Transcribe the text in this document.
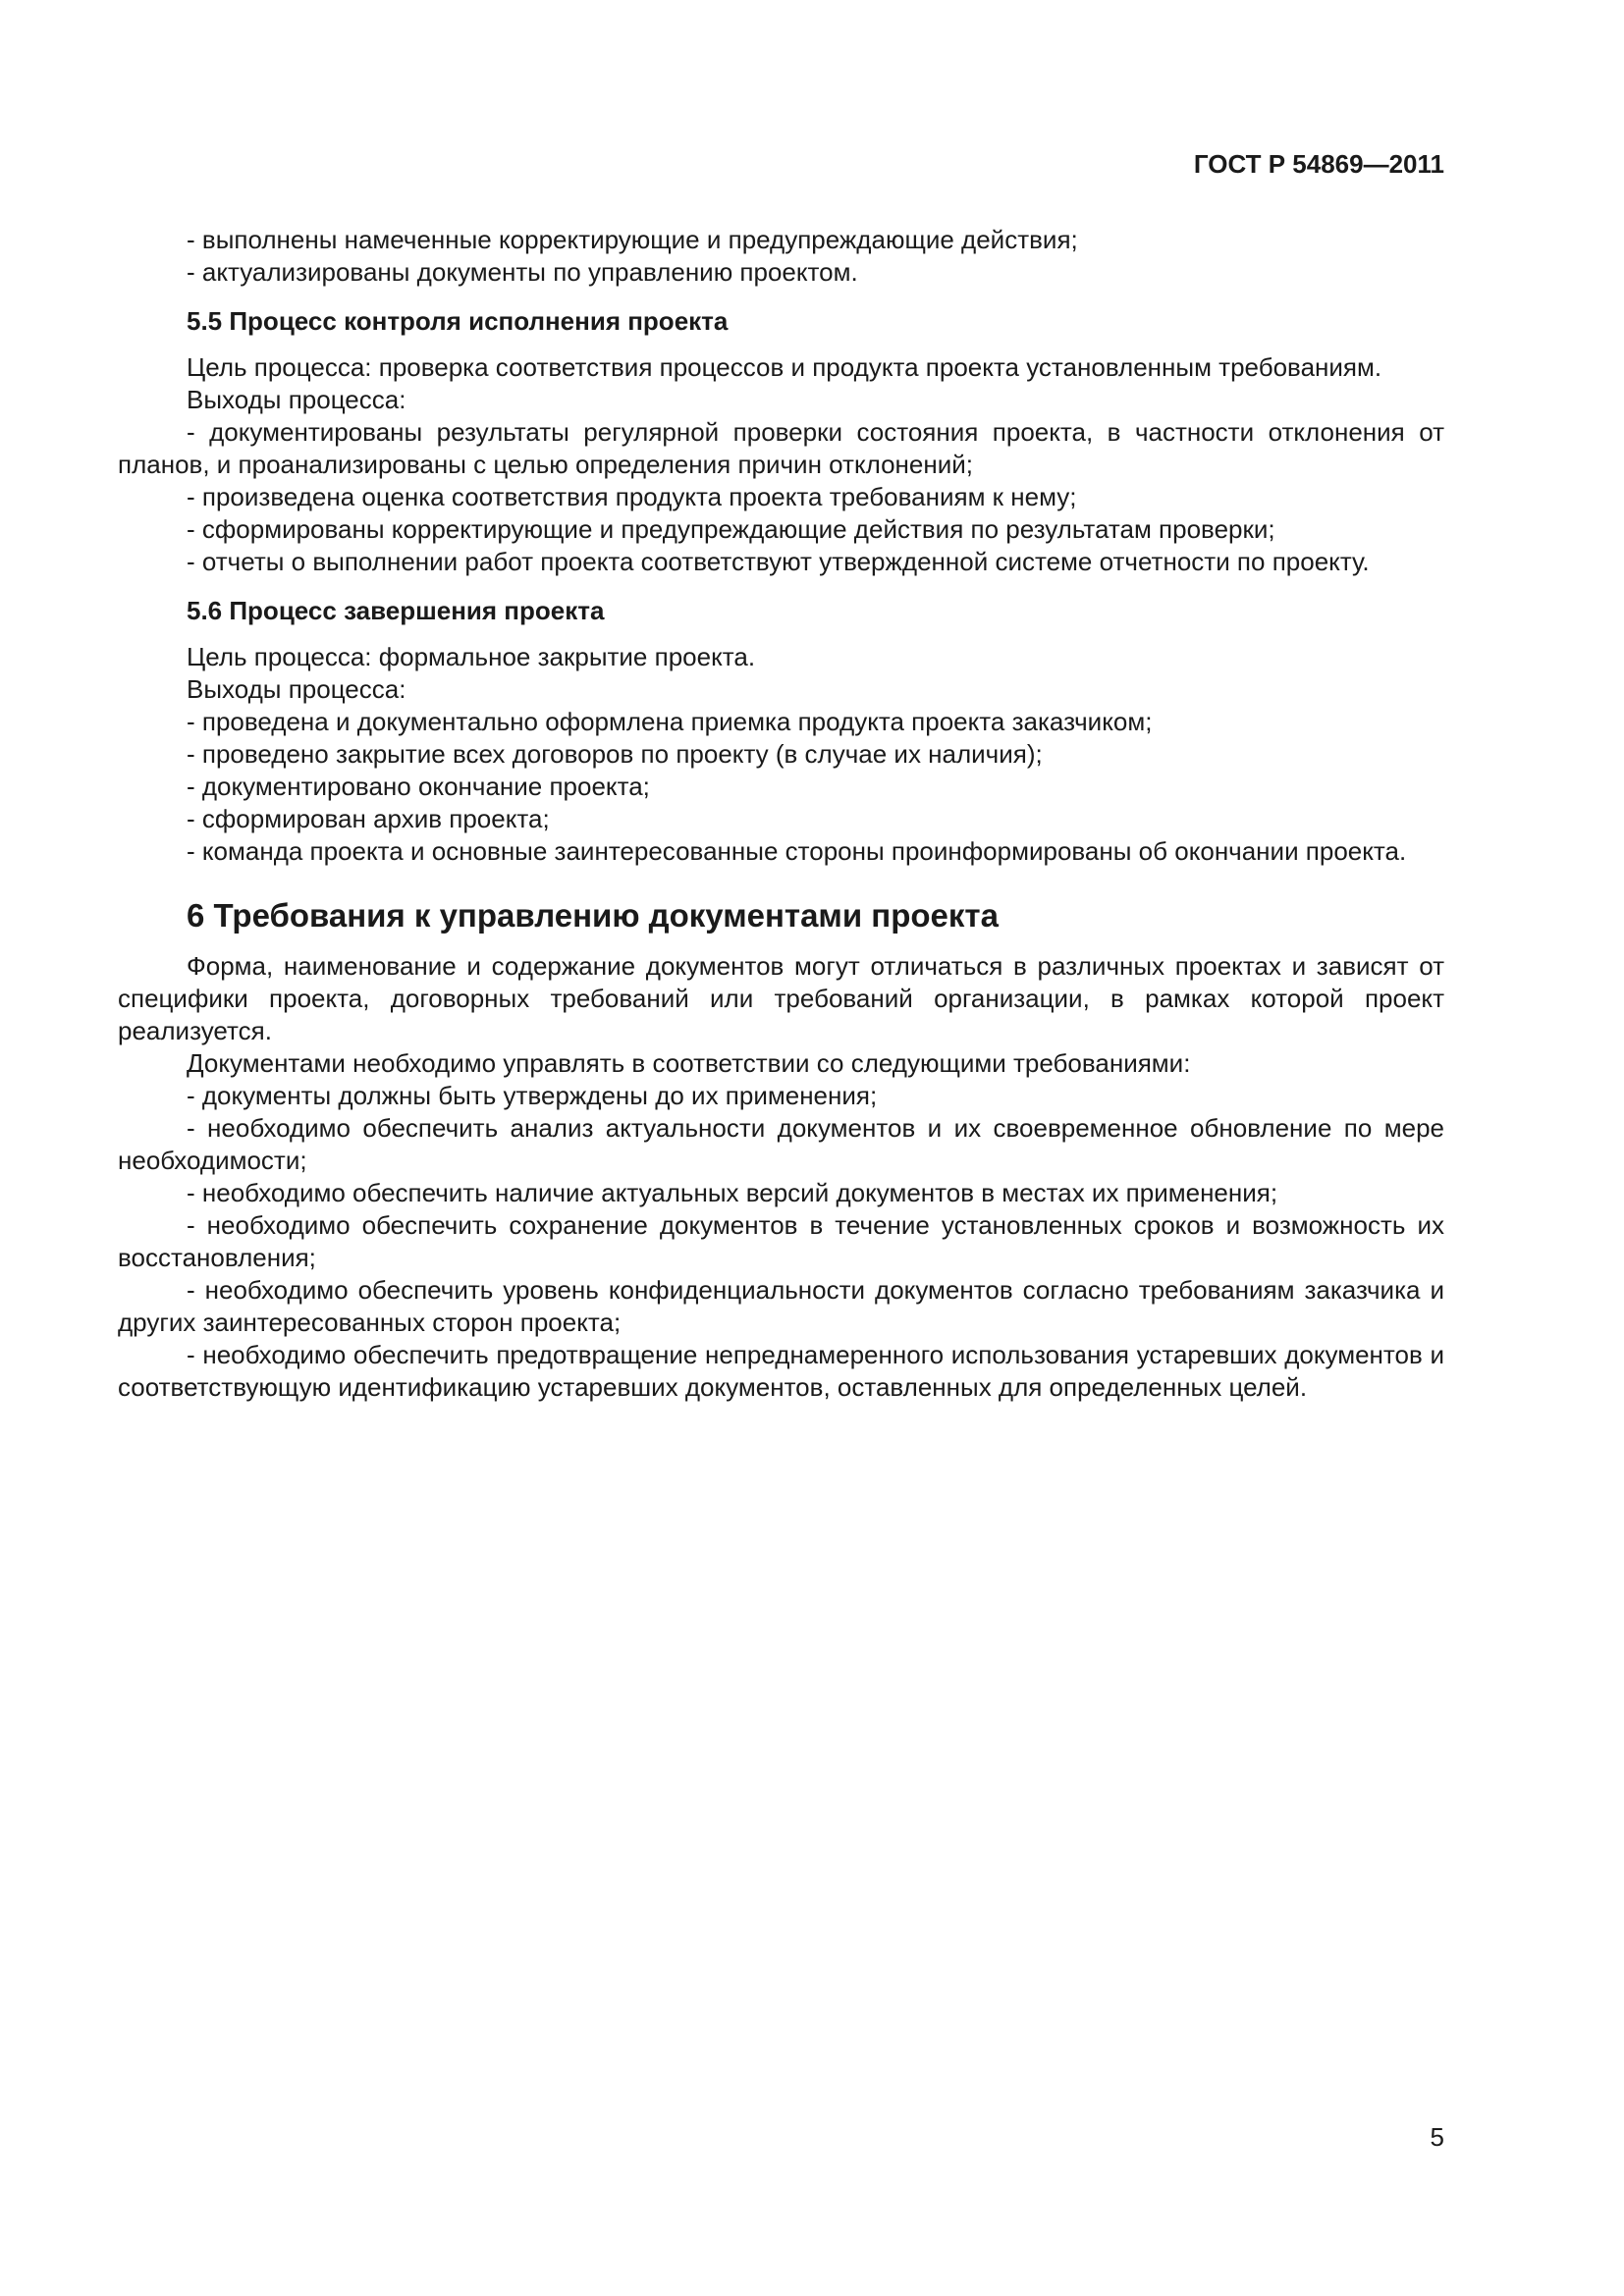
ГОСТ Р 54869—2011

- выполнены намеченные корректирующие и предупреждающие действия;

- актуализированы документы по управлению проектом.

5.5 Процесс контроля исполнения проекта

Цель процесса: проверка соответствия процессов и продукта проекта установленным требованиям.

Выходы процесса:

- документированы результаты регулярной проверки состояния проекта, в частности отклонения от планов, и проанализированы с целью определения причин отклонений;

- произведена оценка соответствия продукта проекта требованиям к нему;

- сформированы корректирующие и предупреждающие действия по результатам проверки;

- отчеты о выполнении работ проекта соответствуют утвержденной системе отчетности по проекту.

5.6 Процесс завершения проекта

Цель процесса: формальное закрытие проекта.

Выходы процесса:

- проведена и документально оформлена приемка продукта проекта заказчиком;

- проведено закрытие всех договоров по проекту (в случае их наличия);

- документировано окончание проекта;

- сформирован архив проекта;

- команда проекта и основные заинтересованные стороны проинформированы об окончании проекта.

6 Требования к управлению документами проекта

Форма, наименование и содержание документов могут отличаться в различных проектах и зависят от специфики проекта, договорных требований или требований организации, в рамках которой проект реализуется.

Документами необходимо управлять в соответствии со следующими требованиями:

- документы должны быть утверждены до их применения;

- необходимо обеспечить анализ актуальности документов и их своевременное обновление по мере необходимости;

- необходимо обеспечить наличие актуальных версий документов в местах их применения;

- необходимо обеспечить сохранение документов в течение установленных сроков и возможность их восстановления;

- необходимо обеспечить уровень конфиденциальности документов согласно требованиям заказчика и других заинтересованных сторон проекта;

- необходимо обеспечить предотвращение непреднамеренного использования устаревших документов и соответствующую идентификацию устаревших документов, оставленных для определенных целей.

5
